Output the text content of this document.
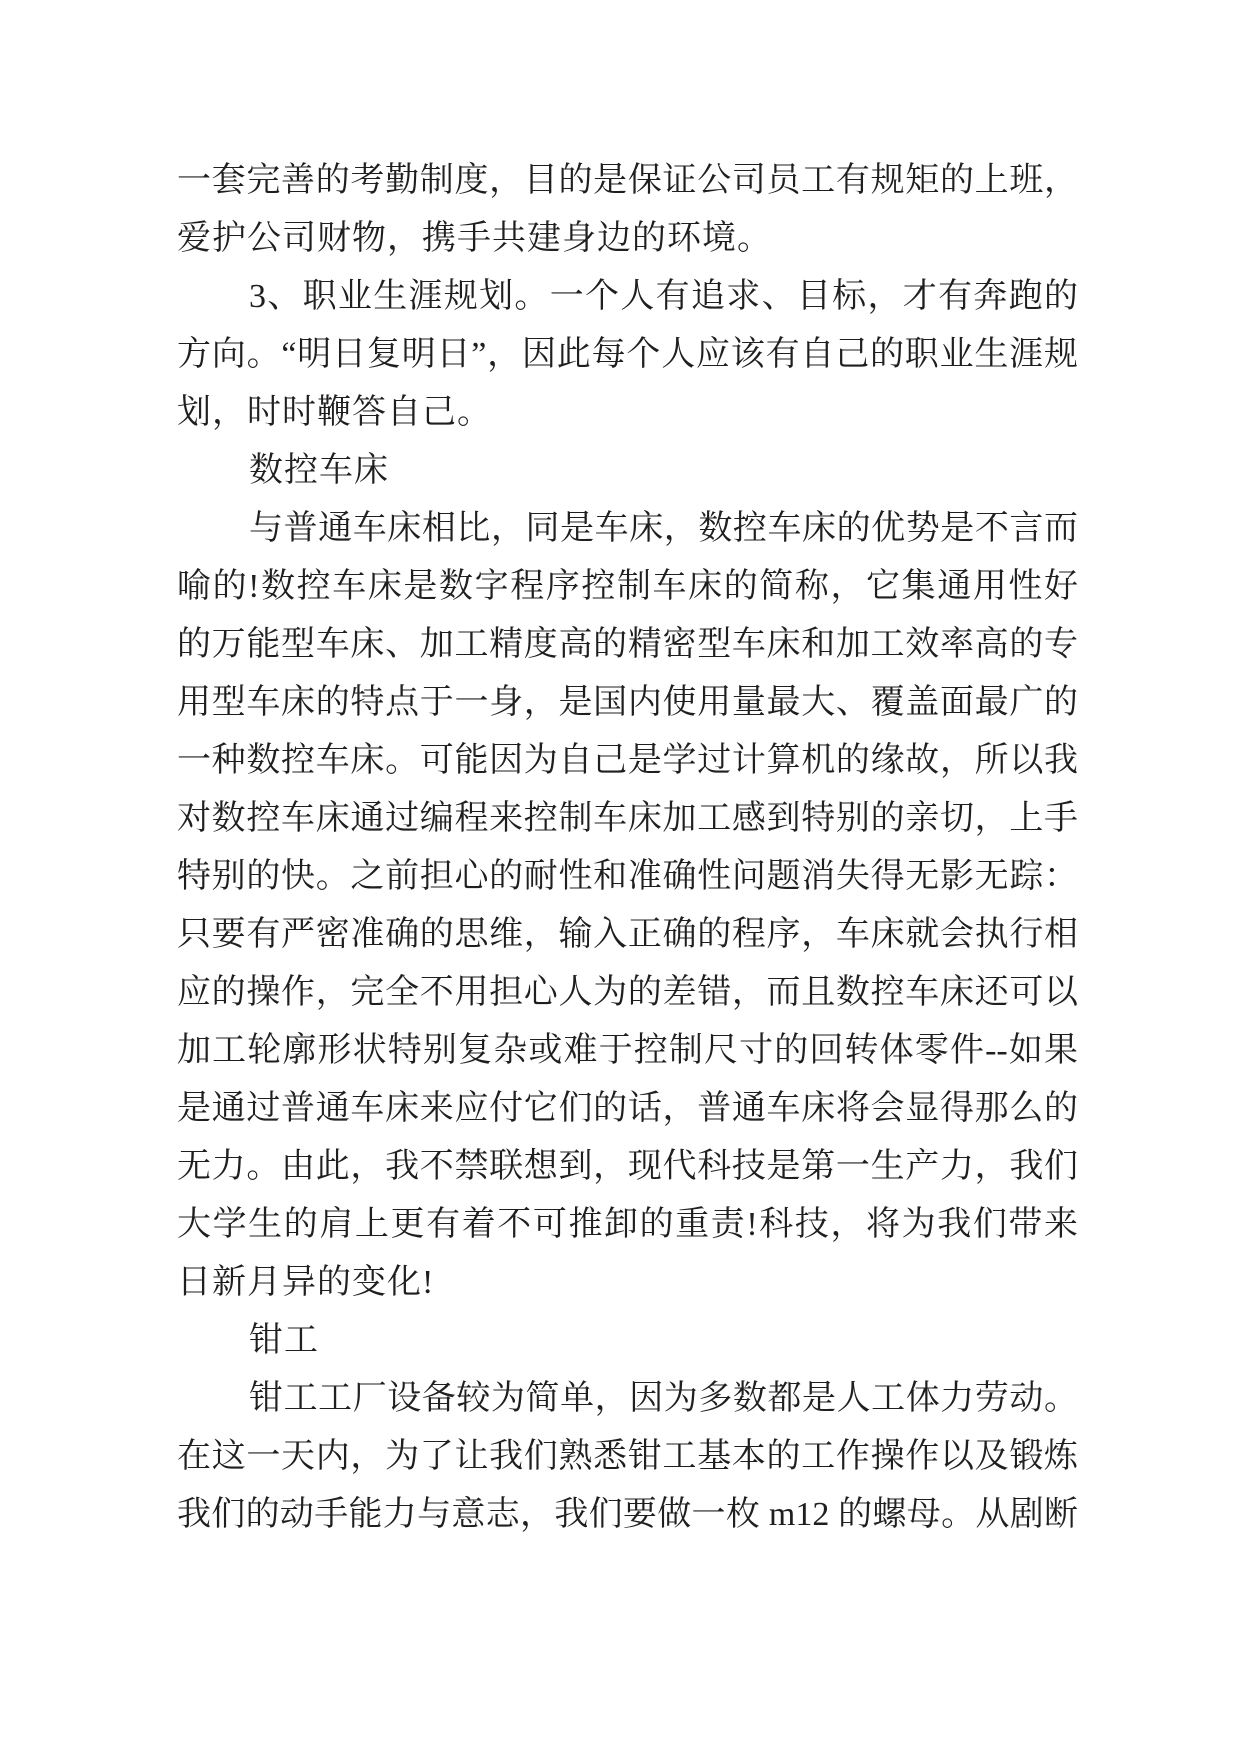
一套完善的考勤制度，目的是保证公司员工有规矩的上班，
爱护公司财物，携手共建身边的环境。
3、职业生涯规划。一个人有追求、目标，才有奔跑的
方向。“明日复明日”，因此每个人应该有自己的职业生涯规
划，时时鞭答自己。
数控车床
与普通车床相比，同是车床，数控车床的优势是不言而
喻的!数控车床是数字程序控制车床的简称，它集通用性好
的万能型车床、加工精度高的精密型车床和加工效率高的专
用型车床的特点于一身，是国内使用量最大、覆盖面最广的
一种数控车床。可能因为自己是学过计算机的缘故，所以我
对数控车床通过编程来控制车床加工感到特别的亲切，上手
特别的快。之前担心的耐性和准确性问题消失得无影无踪：
只要有严密准确的思维，输入正确的程序，车床就会执行相
应的操作，完全不用担心人为的差错，而且数控车床还可以
加工轮廓形状特别复杂或难于控制尺寸的回转体零件--如果
是通过普通车床来应付它们的话，普通车床将会显得那么的
无力。由此，我不禁联想到，现代科技是第一生产力，我们
大学生的肩上更有着不可推卸的重责!科技，将为我们带来
日新月异的变化!
钳工
钳工工厂设备较为简单，因为多数都是人工体力劳动。
在这一天内，为了让我们熟悉钳工基本的工作操作以及锻炼
我们的动手能力与意志，我们要做一枚 m12 的螺母。从剧断
